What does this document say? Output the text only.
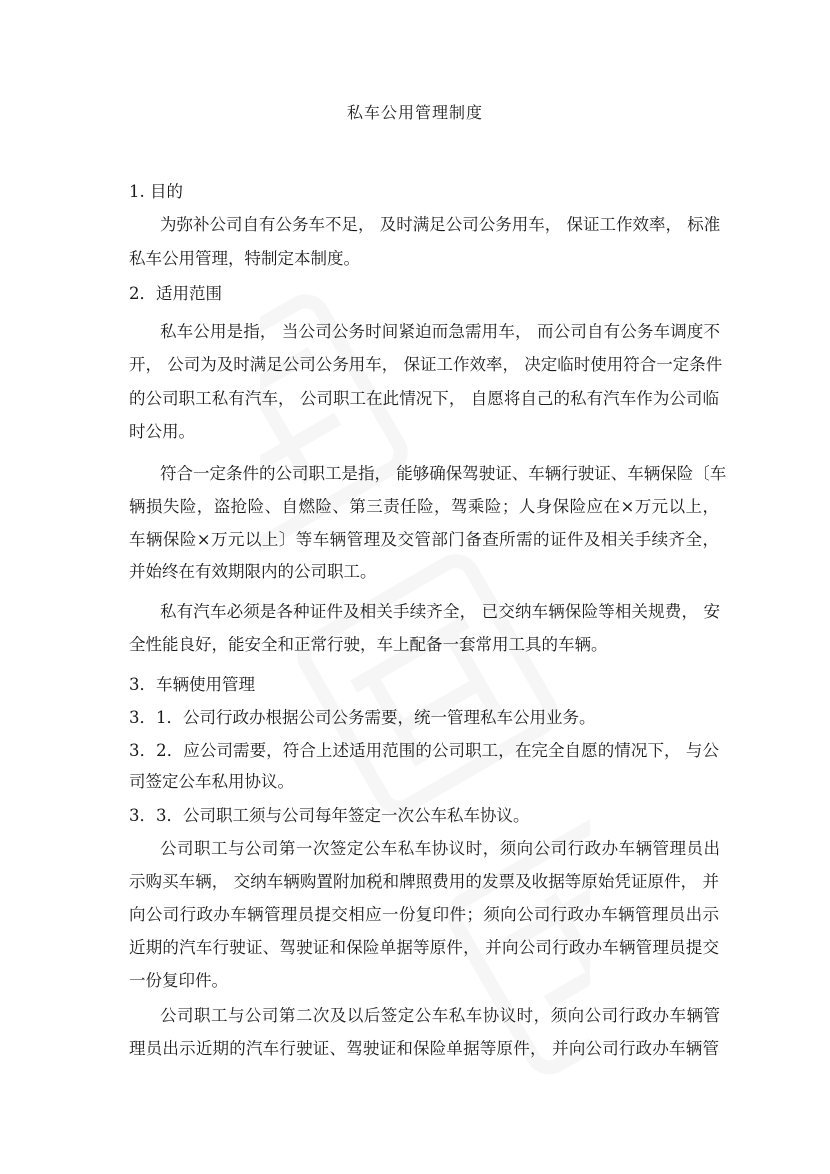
私车公用管理制度
1. 目的
为弥补公司自有公务车不足， 及时满足公司公务用车， 保证工作效率， 标准
私车公用管理，特制定本制度。
2．适用范围
私车公用是指， 当公司公务时间紧迫而急需用车， 而公司自有公务车调度不
开， 公司为及时满足公司公务用车， 保证工作效率， 决定临时使用符合一定条件
的公司职工私有汽车， 公司职工在此情况下， 自愿将自己的私有汽车作为公司临
时公用。
符合一定条件的公司职工是指， 能够确保驾驶证、车辆行驶证、车辆保险〔车
辆损失险，盗抢险、自燃险、第三责任险，驾乘险；人身保险应在×万元以上，
车辆保险×万元以上〕等车辆管理及交管部门备查所需的证件及相关手续齐全，
并始终在有效期限内的公司职工。
私有汽车必须是各种证件及相关手续齐全， 已交纳车辆保险等相关规费， 安
全性能良好，能安全和正常行驶，车上配备一套常用工具的车辆。
3．车辆使用管理
3．1．公司行政办根据公司公务需要，统一管理私车公用业务。
3．2．应公司需要，符合上述适用范围的公司职工，在完全自愿的情况下， 与公
司签定公车私用协议。
3．3．公司职工须与公司每年签定一次公车私车协议。
公司职工与公司第一次签定公车私车协议时，须向公司行政办车辆管理员出
示购买车辆， 交纳车辆购置附加税和牌照费用的发票及收据等原始凭证原件， 并
向公司行政办车辆管理员提交相应一份复印件；须向公司行政办车辆管理员出示
近期的汽车行驶证、驾驶证和保险单据等原件， 并向公司行政办车辆管理员提交
一份复印件。
公司职工与公司第二次及以后签定公车私车协议时，须向公司行政办车辆管
理员出示近期的汽车行驶证、驾驶证和保险单据等原件， 并向公司行政办车辆管
